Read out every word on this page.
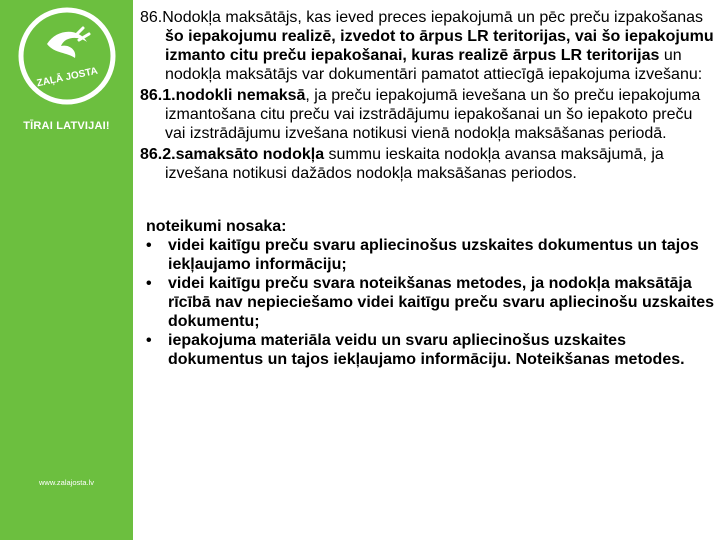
ZAĻĀ JOSTA
TĪRAI LATVIJAI!
www.zalajosta.lv

86.Nodokļa maksātājs, kas ieved preces iepakojumā un pēc preču izpakošanas šo iepakojumu realizē, izvedot to ārpus LR teritorijas, vai šo iepakojumu izmanto citu preču iepakošanai, kuras realizē ārpus LR teritorijas un nodokļa maksātājs var dokumentāri pamatot attiecīgā iepakojuma izvešanu:

86.1.nodokli nemaksā, ja preču iepakojumā ievešana un šo preču iepakojuma izmantošana citu preču vai izstrādājumu iepakošanai un šo iepakoto preču vai izstrādājumu izvešana notikusi vienā nodokļa maksāšanas periodā.

86.2.samaksāto nodokļa summu ieskaita nodokļa avansa maksājumā, ja izvešana notikusi dažādos nodokļa maksāšanas periodos.

noteikumi nosaka:

• videi kaitīgu preču svaru apliecinošus uzskaites dokumentus un tajos iekļaujamo informāciju;
• videi kaitīgu preču svara noteikšanas metodes, ja nodokļa maksātāja rīcībā nav nepieciešamo videi kaitīgu preču svaru apliecinošu uzskaites dokumentu;
• iepakojuma materiāla veidu un svaru apliecinošus uzskaites dokumentus un tajos iekļaujamo informāciju. Noteikšanas metodes.
